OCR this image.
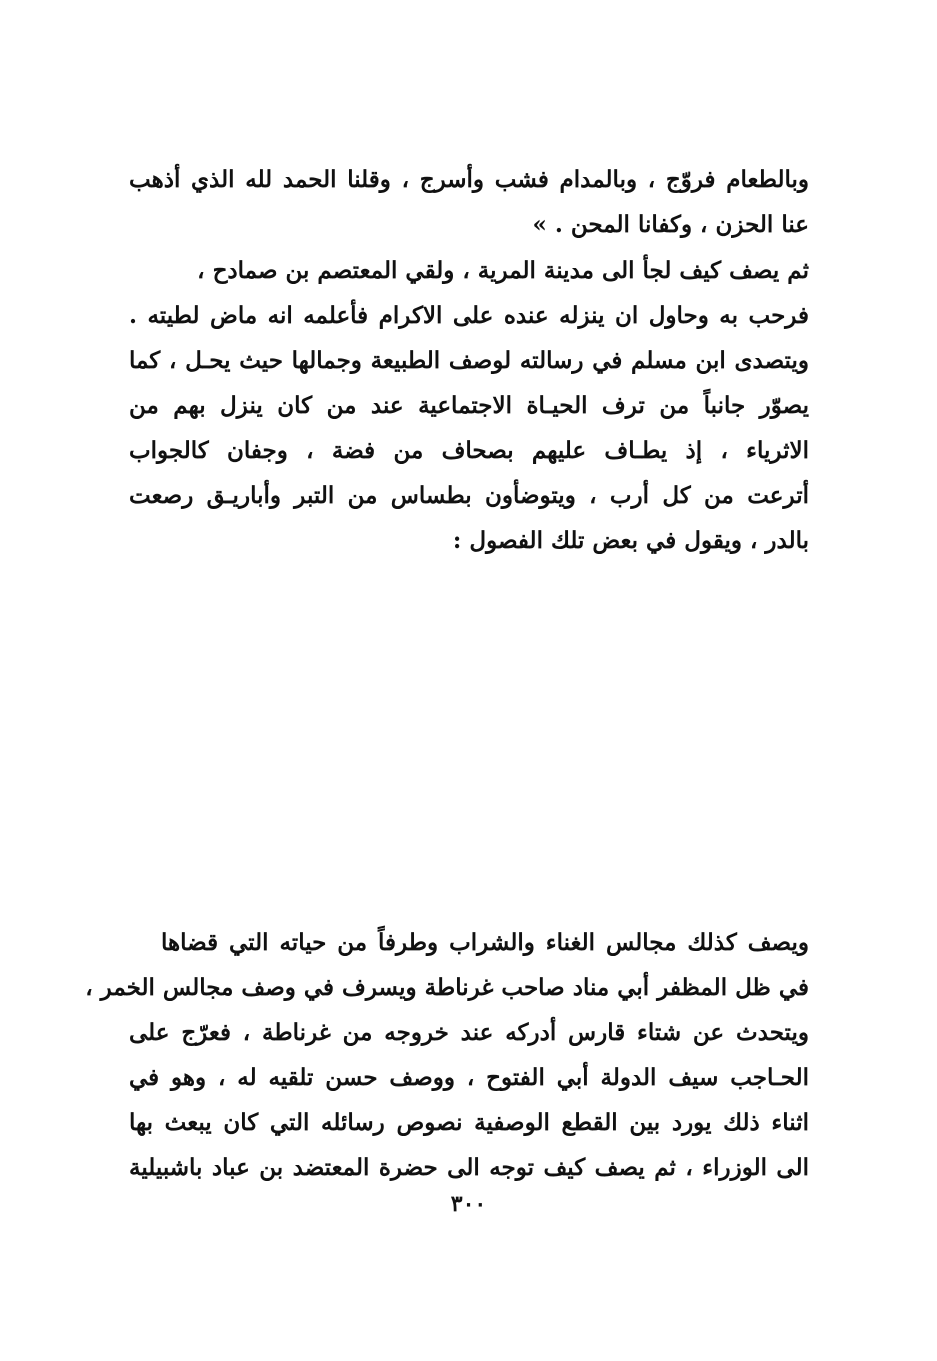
وبالطعام فروّج ، وبالمدام فشب وأسرج ، وقلنا الحمد لله الذي أذهب
عنا الحزن ، وكفانا المحن . »
ثم يصف كيف لجأ الى مدينة المرية ، ولقي المعتصم بن صمادح ،
فرحب به وحاول ان ينزله عنده على الاكرام فأعلمه انه ماض لطيته .
ويتصدى ابن مسلم في رسالته لوصف الطبيعة وجمالها حيث يحـل ، كما
يصوّر جانباً من ترف الحيـاة الاجتماعية عند من كان ينزل بهم من
الاثرياء ، إذ يطـاف عليهم بصحاف من فضة ، وجفان كالجواب
أترعت من كل أرب ، ويتوضأون بطساس من التبر وأباريـق رصعت
بالدر ، ويقول في بعض تلك الفصول :
ويصف كذلك مجالس الغناء والشراب وطرفاً من حياته التي قضاها
في ظل المظفر أبي مناد صاحب غرناطة ويسرف في وصف مجالس الخمر ،
ويتحدث عن شتاء قارس أدركه عند خروجه من غرناطة ، فعرّج على
الحـاجب سيف الدولة أبي الفتوح ، ووصف حسن تلقيه له ، وهو في
اثناء ذلك يورد بين القطع الوصفية نصوص رسائله التي كان يبعث بها
الى الوزراء ، ثم يصف كيف توجه الى حضرة المعتضد بن عباد باشبيلية
٣٠٠
